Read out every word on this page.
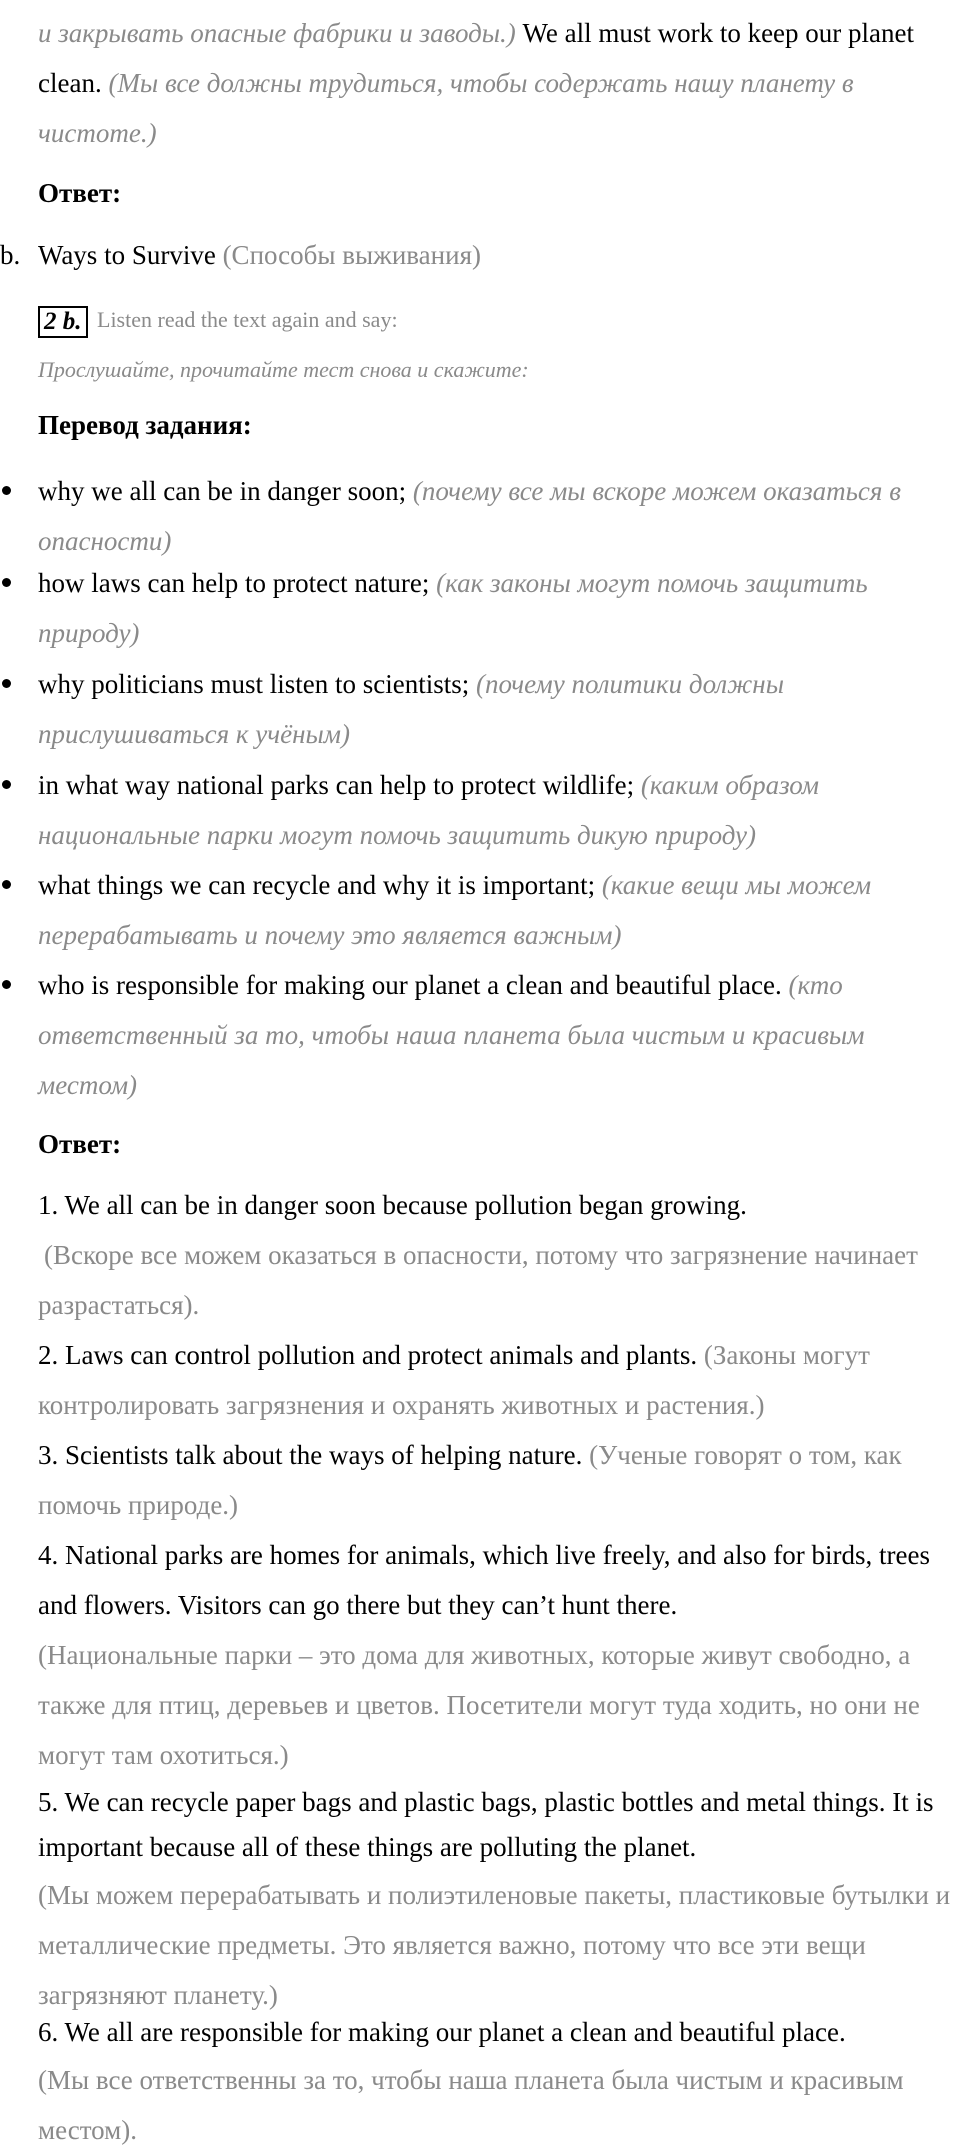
и закрывать опасные фабрики и заводы.) We all must work to keep our planet clean. (Мы все должны трудиться, чтобы содержать нашу планету в чистоте.)

Ответ:

b. Ways to Survive (Способы выживания)
2 b. Listen read the text again and say:
Прослушайте, прочитайте тест снова и скажите:

Перевод задания:

why we all can be in danger soon; (почему все мы вскоре можем оказаться в опасности)
how laws can help to protect nature; (как законы могут помочь защитить природу)
why politicians must listen to scientists; (почему политики должны прислушиваться к учёным)
in what way national parks can help to protect wildlife; (каким образом национальные парки могут помочь защитить дикую природу)
what things we can recycle and why it is important; (какие вещи мы можем перерабатывать и почему это является важным)
who is responsible for making our planet a clean and beautiful place. (кто ответственный за то, чтобы наша планета была чистым и красивым местом)

Ответ:

1. We all can be in danger soon because pollution began growing.
(Вскоре все можем оказаться в опасности, потому что загрязнение начинает разрастаться).
2. Laws can control pollution and protect animals and plants. (Законы могут контролировать загрязнения и охранять животных и растения.)
3. Scientists talk about the ways of helping nature. (Ученые говорят о том, как помочь природе.)
4. National parks are homes for animals, which live freely, and also for birds, trees and flowers. Visitors can go there but they can’t hunt there.
(Национальные парки – это дома для животных, которые живут свободно, а также для птиц, деревьев и цветов. Посетители могут туда ходить, но они не могут там охотиться.)
5. We can recycle paper bags and plastic bags, plastic bottles and metal things. It is important because all of these things are polluting the planet.
(Мы можем перерабатывать и полиэтиленовые пакеты, пластиковые бутылки и металлические предметы. Это является важно, потому что все эти вещи загрязняют планету.)
6. We all are responsible for making our planet a clean and beautiful place.
(Мы все ответственны за то, чтобы наша планета была чистым и красивым местом).
